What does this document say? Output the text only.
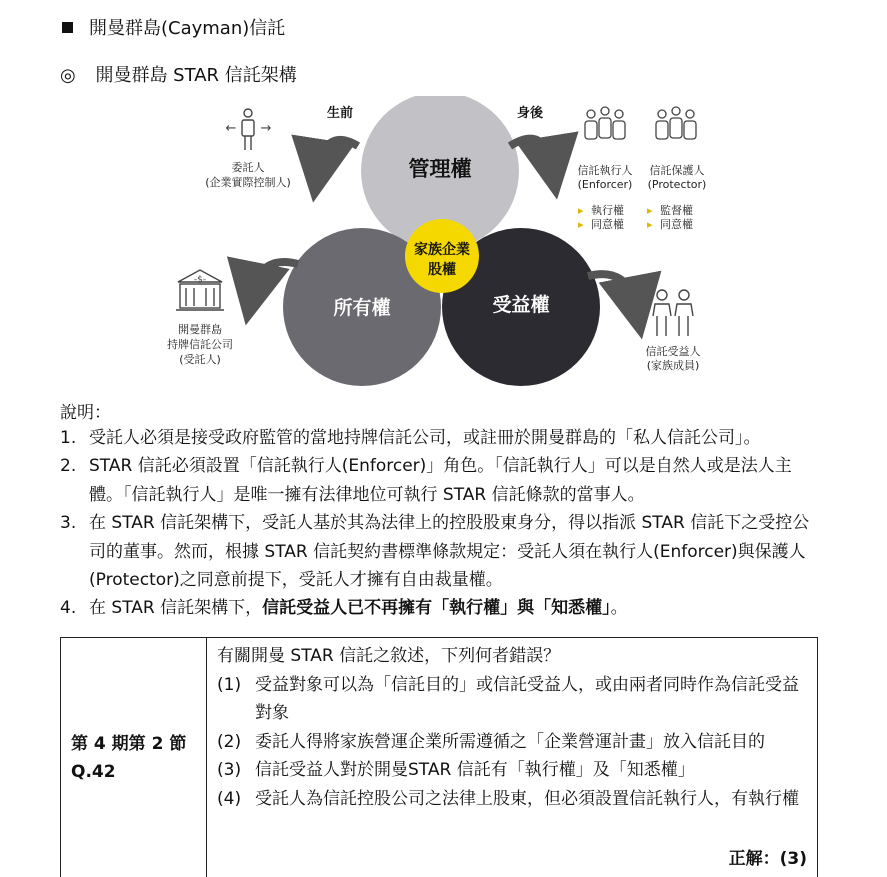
開曼群島(Cayman)信託
◎ 開曼群島 STAR 信託架構
管理權
所有權	受益權
家族企業
股權
生前	身後
← →
委託人
(企業實際控制人)
-$-
開曼群島
持牌信託公司
(受託人)
信託執行人
(Enforcer)
▸ 執行權
▸ 同意權
信託保護人
(Protector)
▸ 監督權
▸ 同意權
信託受益人
(家族成員)
說明：
1. 受託人必須是接受政府監管的當地持牌信託公司，或註冊於開曼群島的「私人信託公司」。
2. STAR 信託必須設置「信託執行人(Enforcer)」角色。「信託執行人」可以是自然人或是法人主體。「信託執行人」是唯一擁有法律地位可執行 STAR 信託條款的當事人。
3. 在 STAR 信託架構下，受託人基於其為法律上的控股股東身分，得以指派 STAR 信託下之受控公司的董事。然而，根據 STAR 信託契約書標準條款規定：受託人須在執行人(Enforcer)與保護人(Protector)之同意前提下，受託人才擁有自由裁量權。
4. 在 STAR 信託架構下，信託受益人已不再擁有「執行權」與「知悉權」。
第 4 期第 2 節
Q.42
有關開曼 STAR 信託之敘述，下列何者錯誤？
(1) 受益對象可以為「信託目的」或信託受益人，或由兩者同時作為信託受益對象
(2) 委託人得將家族營運企業所需遵循之「企業營運計畫」放入信託目的
(3) 信託受益人對於開曼STAR 信託有「執行權」及「知悉權」
(4) 受託人為信託控股公司之法律上股東，但必須設置信託執行人，有執行權
正解：(3)
